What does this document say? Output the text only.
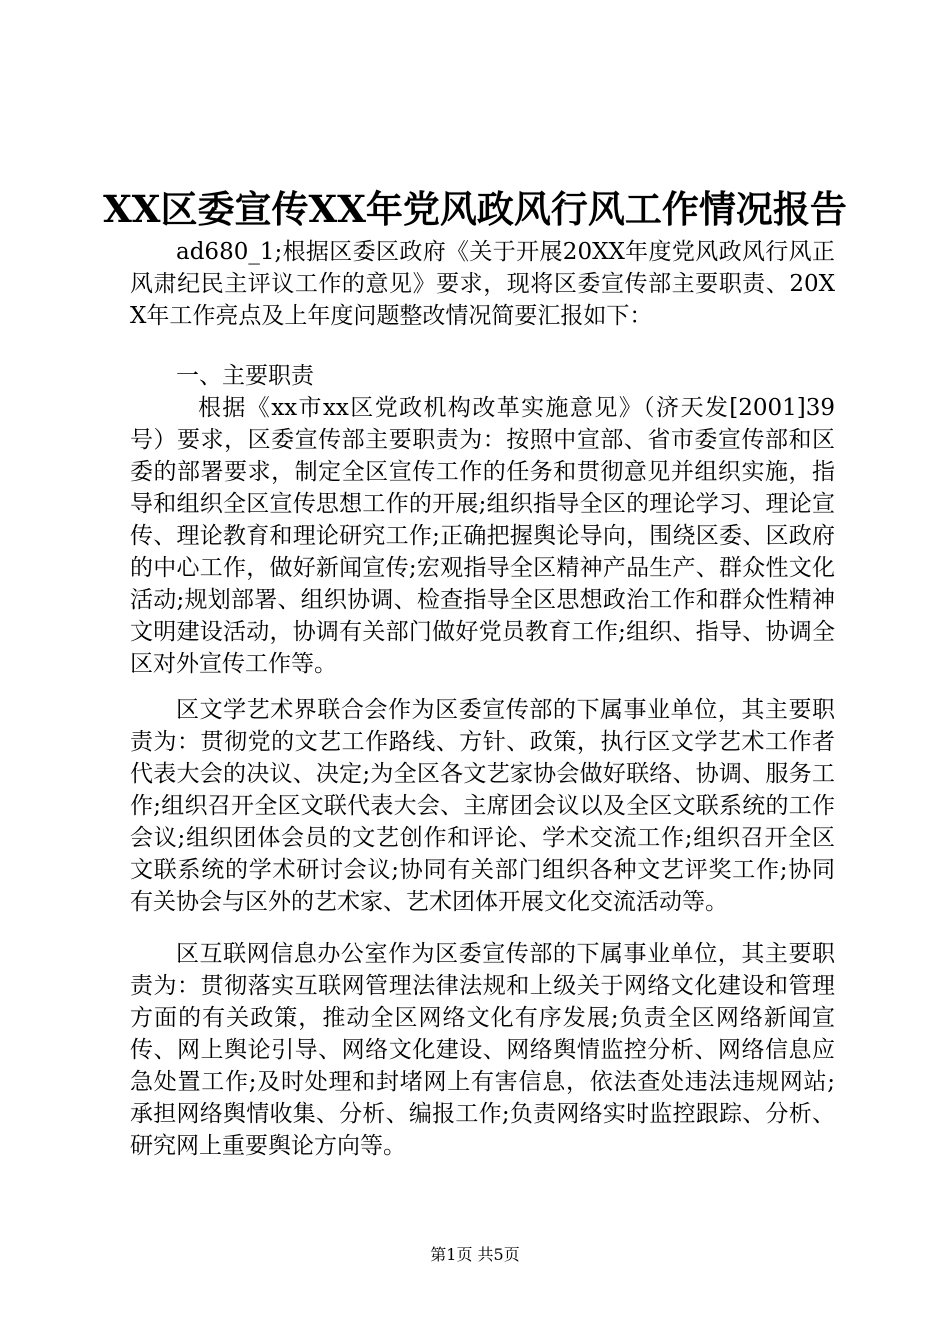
XX区委宣传XX年党风政风行风工作情况报告
ad680_1;根据区委区政府《关于开展20XX年度党风政风行风正风肃纪民主评议工作的意见》要求，现将区委宣传部主要职责、20XX年工作亮点及上年度问题整改情况简要汇报如下：
一、主要职责
根据《xx市xx区党政机构改革实施意见》（济天发[2001]39号）要求，区委宣传部主要职责为：按照中宣部、省市委宣传部和区委的部署要求，制定全区宣传工作的任务和贯彻意见并组织实施，指导和组织全区宣传思想工作的开展;组织指导全区的理论学习、理论宣传、理论教育和理论研究工作;正确把握舆论导向，围绕区委、区政府的中心工作，做好新闻宣传;宏观指导全区精神产品生产、群众性文化活动;规划部署、组织协调、检查指导全区思想政治工作和群众性精神文明建设活动，协调有关部门做好党员教育工作;组织、指导、协调全区对外宣传工作等。
区文学艺术界联合会作为区委宣传部的下属事业单位，其主要职责为：贯彻党的文艺工作路线、方针、政策，执行区文学艺术工作者代表大会的决议、决定;为全区各文艺家协会做好联络、协调、服务工作;组织召开全区文联代表大会、主席团会议以及全区文联系统的工作会议;组织团体会员的文艺创作和评论、学术交流工作;组织召开全区文联系统的学术研讨会议;协同有关部门组织各种文艺评奖工作;协同有关协会与区外的艺术家、艺术团体开展文化交流活动等。
区互联网信息办公室作为区委宣传部的下属事业单位，其主要职责为：贯彻落实互联网管理法律法规和上级关于网络文化建设和管理方面的有关政策，推动全区网络文化有序发展;负责全区网络新闻宣传、网上舆论引导、网络文化建设、网络舆情监控分析、网络信息应急处置工作;及时处理和封堵网上有害信息，依法查处违法违规网站;承担网络舆情收集、分析、编报工作;负责网络实时监控跟踪、分析、研究网上重要舆论方向等。
第1页 共5页
